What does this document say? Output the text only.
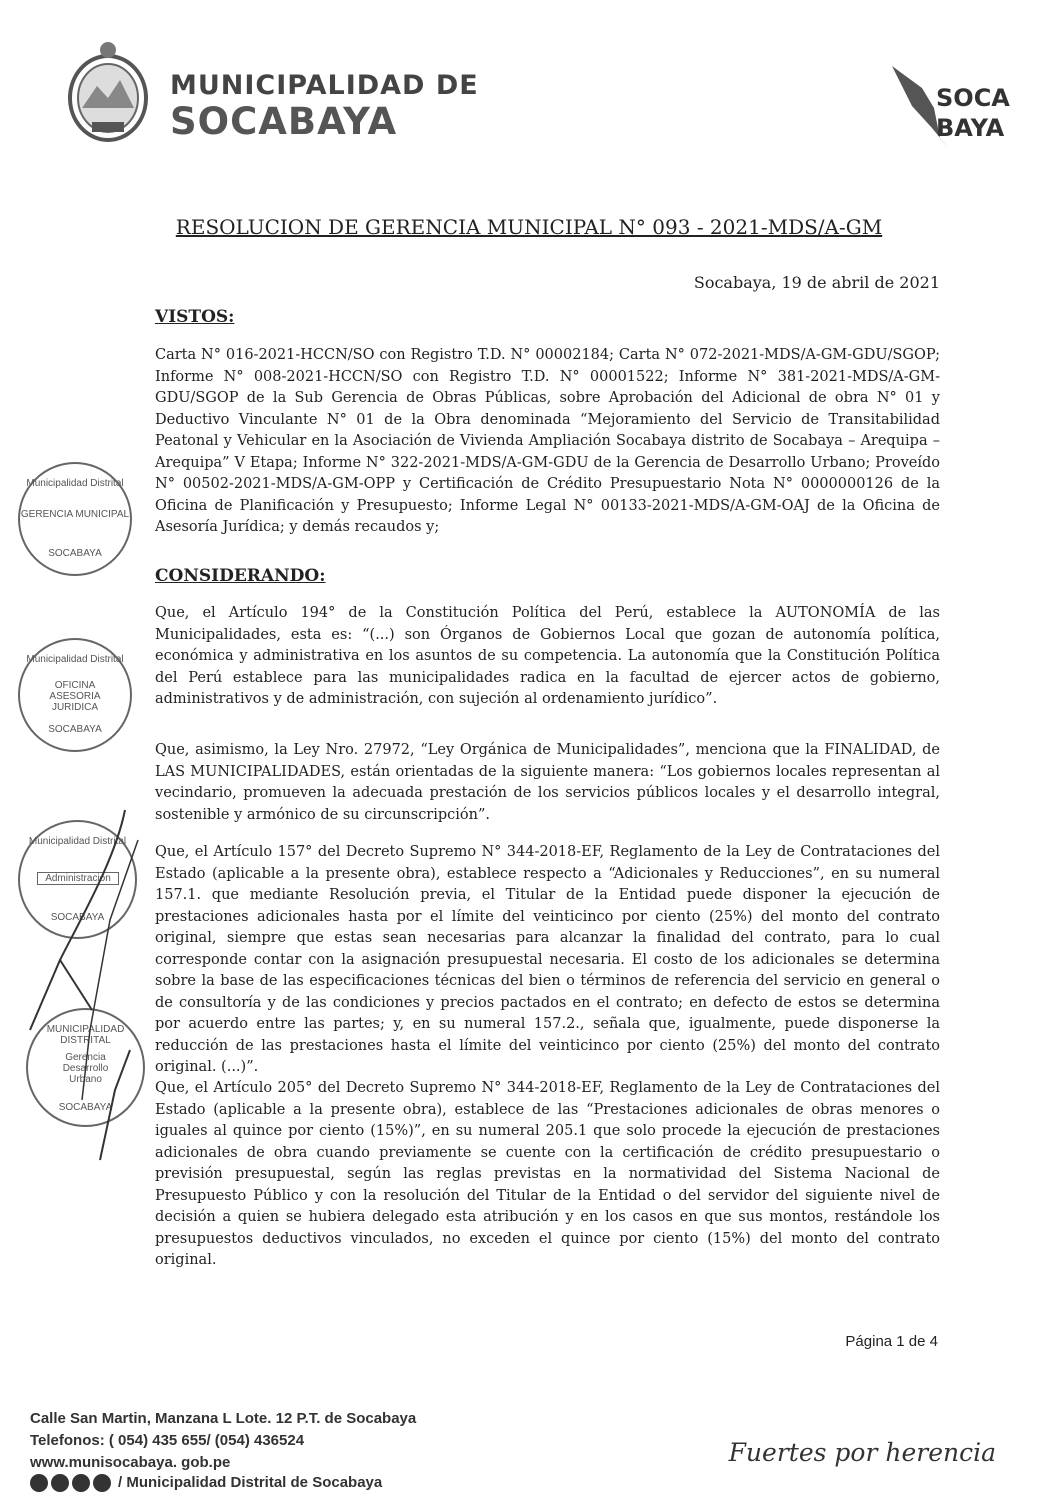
MUNICIPALIDAD DE
SOCABAYA
SOCA
BAYA
RESOLUCION DE GERENCIA MUNICIPAL N° 093 - 2021-MDS/A-GM
Socabaya, 19 de abril de 2021
VISTOS:
Carta N° 016-2021-HCCN/SO con Registro T.D. N° 00002184; Carta N° 072-2021-MDS/A-GM-GDU/SGOP; Informe N° 008-2021-HCCN/SO con Registro T.D. N° 00001522; Informe N° 381-2021-MDS/A-GM-GDU/SGOP de la Sub Gerencia de Obras Públicas, sobre Aprobación del Adicional de obra N° 01 y Deductivo Vinculante N° 01 de la Obra denominada “Mejoramiento del Servicio de Transitabilidad Peatonal y Vehicular en la Asociación de Vivienda Ampliación Socabaya distrito de Socabaya – Arequipa – Arequipa” V Etapa; Informe N° 322-2021-MDS/A-GM-GDU de la Gerencia de Desarrollo Urbano; Proveído N° 00502-2021-MDS/A-GM-OPP y Certificación de Crédito Presupuestario Nota N° 0000000126 de la Oficina de Planificación y Presupuesto; Informe Legal N° 00133-2021-MDS/A-GM-OAJ de la Oficina de Asesoría Jurídica; y demás recaudos y;
CONSIDERANDO:
Que, el Artículo 194° de la Constitución Política del Perú, establece la AUTONOMÍA de las Municipalidades, esta es: “(...) son Órganos de Gobiernos Local que gozan de autonomía política, económica y administrativa en los asuntos de su competencia. La autonomía que la Constitución Política del Perú establece para las municipalidades radica en la facultad de ejercer actos de gobierno, administrativos y de administración, con sujeción al ordenamiento jurídico”.
Que, asimismo, la Ley Nro. 27972, “Ley Orgánica de Municipalidades”, menciona que la FINALIDAD, de LAS MUNICIPALIDADES, están orientadas de la siguiente manera: “Los gobiernos locales representan al vecindario, promueven la adecuada prestación de los servicios públicos locales y el desarrollo integral, sostenible y armónico de su circunscripción”.
Que, el Artículo 157° del Decreto Supremo N° 344-2018-EF, Reglamento de la Ley de Contrataciones del Estado (aplicable a la presente obra), establece respecto a “Adicionales y Reducciones”, en su numeral 157.1. que mediante Resolución previa, el Titular de la Entidad puede disponer la ejecución de prestaciones adicionales hasta por el límite del veinticinco por ciento (25%) del monto del contrato original, siempre que estas sean necesarias para alcanzar la finalidad del contrato, para lo cual corresponde contar con la asignación presupuestal necesaria. El costo de los adicionales se determina sobre la base de las especificaciones técnicas del bien o términos de referencia del servicio en general o de consultoría y de las condiciones y precios pactados en el contrato; en defecto de estos se determina por acuerdo entre las partes; y, en su numeral 157.2., señala que, igualmente, puede disponerse la reducción de las prestaciones hasta el límite del veinticinco por ciento (25%) del monto del contrato original. (...)”.
Que, el Artículo 205° del Decreto Supremo N° 344-2018-EF, Reglamento de la Ley de Contrataciones del Estado (aplicable a la presente obra), establece de las “Prestaciones adicionales de obras menores o iguales al quince por ciento (15%)”, en su numeral 205.1 que solo procede la ejecución de prestaciones adicionales de obra cuando previamente se cuente con la certificación de crédito presupuestario o previsión presupuestal, según las reglas previstas en la normatividad del Sistema Nacional de Presupuesto Público y con la resolución del Titular de la Entidad o del servidor del siguiente nivel de decisión a quien se hubiera delegado esta atribución y en los casos en que sus montos, restándole los presupuestos deductivos vinculados, no exceden el quince por ciento (15%) del monto del contrato original.
Municipalidad Distrital
GERENCIA MUNICIPAL
SOCABAYA
Municipalidad Distrital
OFICINA ASESORIA JURIDICA
SOCABAYA
Municipalidad Distrital
Administración
SOCABAYA
MUNICIPALIDAD DISTRITAL
Gerencia Desarrollo Urbano
SOCABAYA
Página 1 de 4
Calle San Martin, Manzana L Lote. 12 P.T. de Socabaya
Telefonos: ( 054) 435 655/ (054) 436524
www.munisocabaya. gob.pe
/ Municipalidad Distrital de Socabaya
Fuertes por herencia
